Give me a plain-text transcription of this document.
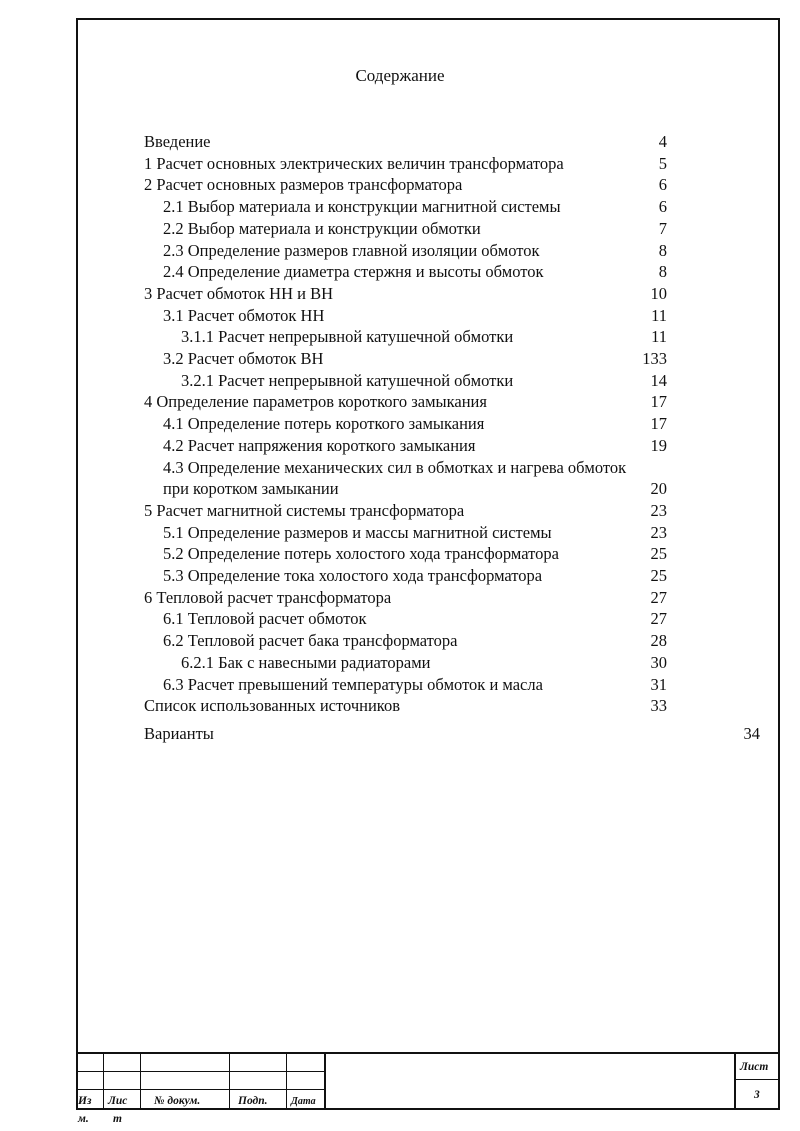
Содержание
Введение	4
1 Расчет основных электрических величин трансформатора	5
2 Расчет основных размеров трансформатора	6
2.1 Выбор материала и конструкции магнитной системы	6
2.2 Выбор материала и конструкции обмотки	7
2.3 Определение размеров главной изоляции обмоток	8
2.4 Определение диаметра стержня и высоты обмоток	8
3 Расчет обмоток НН и ВН	10
3.1 Расчет обмоток НН	11
3.1.1 Расчет непрерывной катушечной обмотки	11
3.2 Расчет обмоток ВН	133
3.2.1 Расчет непрерывной катушечной обмотки	14
4 Определение параметров короткого замыкания	17
4.1 Определение потерь короткого замыкания	17
4.2 Расчет напряжения короткого замыкания	19
4.3 Определение механических сил в обмотках и нагрева обмоток при коротком замыкании	20
5 Расчет магнитной системы трансформатора	23
5.1 Определение размеров и массы магнитной системы	23
5.2 Определение потерь холостого хода трансформатора	25
5.3 Определение тока холостого хода трансформатора	25
6 Тепловой расчет трансформатора	27
6.1 Тепловой расчет обмоток	27
6.2 Тепловой расчет бака трансформатора	28
6.2.1 Бак с навесными радиаторами	30
6.3 Расчет превышений температуры обмоток и масла	31
Список использованных источников	33
Варианты	34
Из Лис № докум.	Подп. Дата
Лист
3
м. т
